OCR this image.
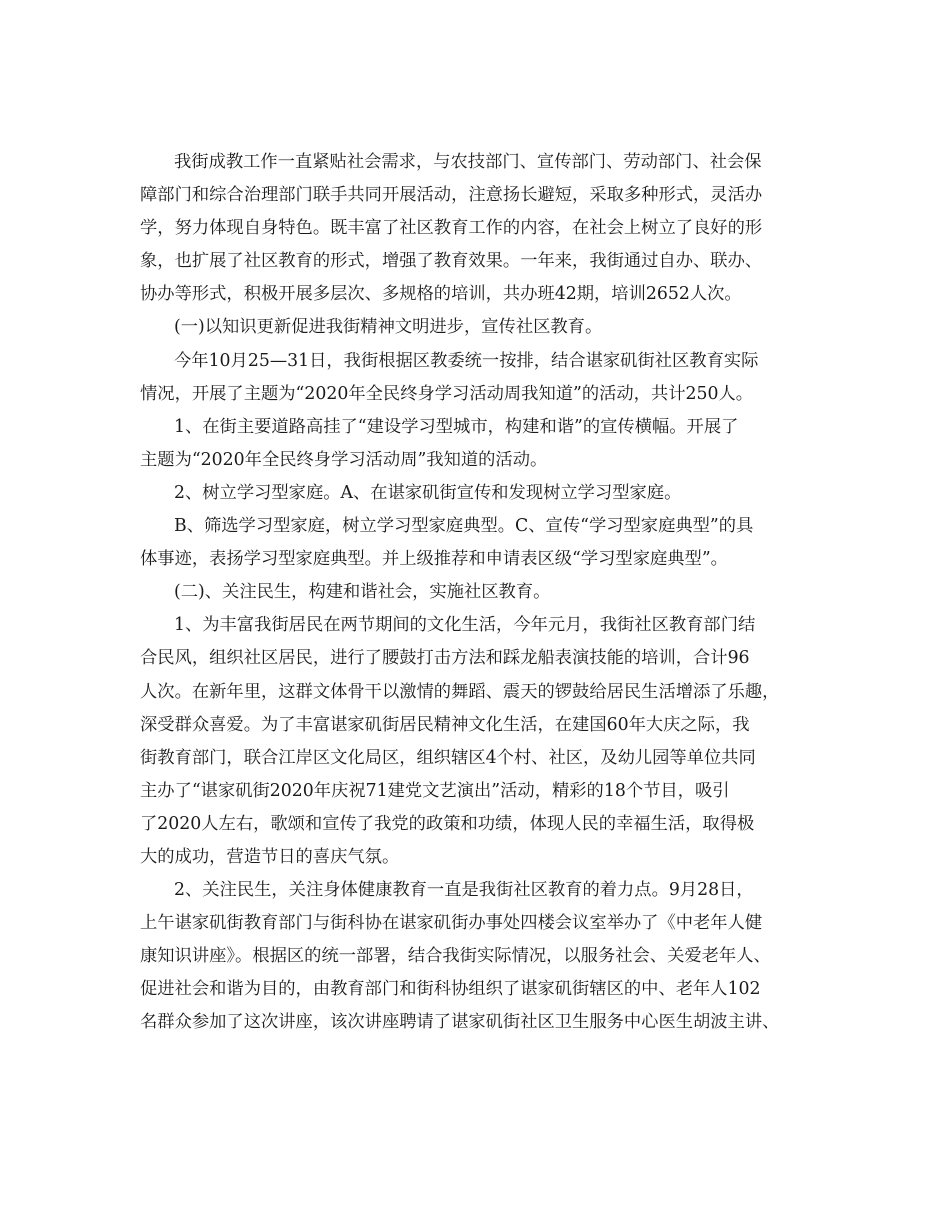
我街成教工作一直紧贴社会需求，与农技部门、宣传部门、劳动部门、社会保
障部门和综合治理部门联手共同开展活动，注意扬长避短，采取多种形式，灵活办
学，努力体现自身特色。既丰富了社区教育工作的内容，在社会上树立了良好的形
象，也扩展了社区教育的形式，增强了教育效果。一年来，我街通过自办、联办、
协办等形式，积极开展多层次、多规格的培训，共办班42期，培训2652人次。
(一)以知识更新促进我街精神文明进步，宣传社区教育。
今年10月25—31日，我街根据区教委统一按排，结合谌家矶街社区教育实际
情况，开展了主题为“2020年全民终身学习活动周我知道”的活动，共计250人。
1、在街主要道路高挂了“建设学习型城市，构建和谐”的宣传横幅。开展了
主题为“2020年全民终身学习活动周”我知道的活动。
2、树立学习型家庭。A、在谌家矶街宣传和发现树立学习型家庭。
B、筛选学习型家庭，树立学习型家庭典型。C、宣传“学习型家庭典型”的具
体事迹，表扬学习型家庭典型。并上级推荐和申请表区级“学习型家庭典型”。
(二)、关注民生，构建和谐社会，实施社区教育。
1、为丰富我街居民在两节期间的文化生活，今年元月，我街社区教育部门结
合民风，组织社区居民，进行了腰鼓打击方法和踩龙船表演技能的培训，合计96
人次。在新年里，这群文体骨干以激情的舞蹈、震天的锣鼓给居民生活增添了乐趣，
深受群众喜爱。为了丰富谌家矶街居民精神文化生活，在建国60年大庆之际，我
街教育部门，联合江岸区文化局区，组织辖区4个村、社区，及幼儿园等单位共同
主办了“谌家矶街2020年庆祝71建党文艺演出”活动，精彩的18个节目，吸引
了2020人左右，歌颂和宣传了我党的政策和功绩，体现人民的幸福生活，取得极
大的成功，营造节日的喜庆气氛。
2、关注民生，关注身体健康教育一直是我街社区教育的着力点。9月28日，
上午谌家矶街教育部门与街科协在谌家矶街办事处四楼会议室举办了《中老年人健
康知识讲座》。根据区的统一部署，结合我街实际情况，以服务社会、关爱老年人、
促进社会和谐为目的，由教育部门和街科协组织了谌家矶街辖区的中、老年人102
名群众参加了这次讲座，该次讲座聘请了谌家矶街社区卫生服务中心医生胡波主讲、
